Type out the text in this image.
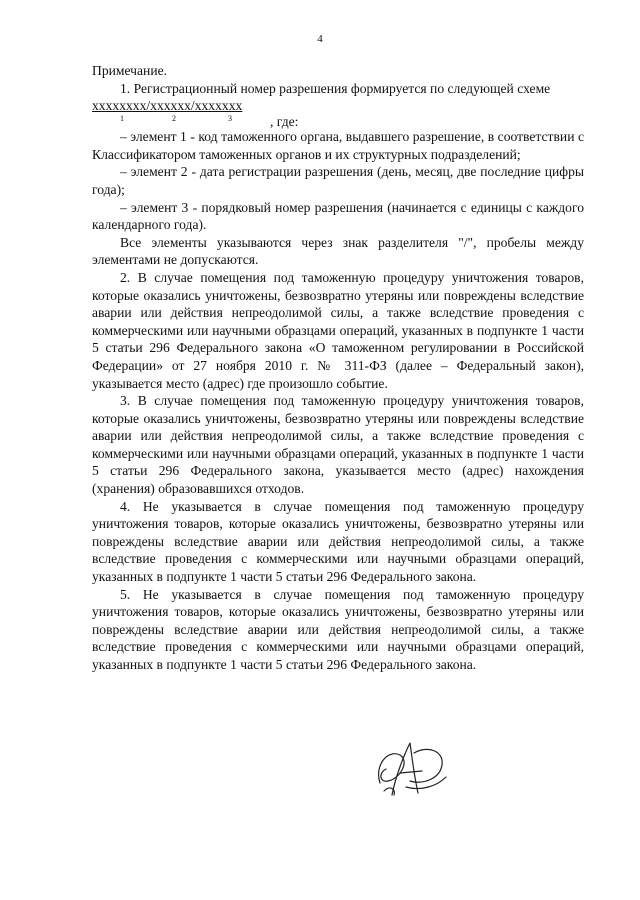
4

Примечание.

1. Регистрационный номер разрешения формируется по следующей схеме

хххххххх/хххххх/ххххххх
1	2	3	, где:

– элемент 1 - код таможенного органа, выдавшего разрешение, в соответствии с Классификатором таможенных органов и их структурных подразделений;

– элемент 2 - дата регистрации разрешения (день, месяц, две последние цифры года);

– элемент 3 - порядковый номер разрешения (начинается с единицы с каждого календарного года).

Все элементы указываются через знак разделителя "/", пробелы между элементами не допускаются.

2. В случае помещения под таможенную процедуру уничтожения товаров, которые оказались уничтожены, безвозвратно утеряны или повреждены вследствие аварии или действия непреодолимой силы, а также вследствие проведения с коммерческими или научными образцами операций, указанных в подпункте 1 части 5 статьи 296 Федерального закона «О таможенном регулировании в Российской Федерации» от 27 ноября 2010 г. № 311-ФЗ (далее – Федеральный закон), указывается место (адрес) где произошло событие.

3. В случае помещения под таможенную процедуру уничтожения товаров, которые оказались уничтожены, безвозвратно утеряны или повреждены вследствие аварии или действия непреодолимой силы, а также вследствие проведения с коммерческими или научными образцами операций, указанных в подпункте 1 части 5 статьи 296 Федерального закона, указывается место (адрес) нахождения (хранения) образовавшихся отходов.

4. Не указывается в случае помещения под таможенную процедуру уничтожения товаров, которые оказались уничтожены, безвозвратно утеряны или повреждены вследствие аварии или действия непреодолимой силы, а также вследствие проведения с коммерческими или научными образцами операций, указанных в подпункте 1 части 5 статьи 296 Федерального закона.

5. Не указывается в случае помещения под таможенную процедуру уничтожения товаров, которые оказались уничтожены, безвозвратно утеряны или повреждены вследствие аварии или действия непреодолимой силы, а также вследствие проведения с коммерческими или научными образцами операций, указанных в подпункте 1 части 5 статьи 296 Федерального закона.
